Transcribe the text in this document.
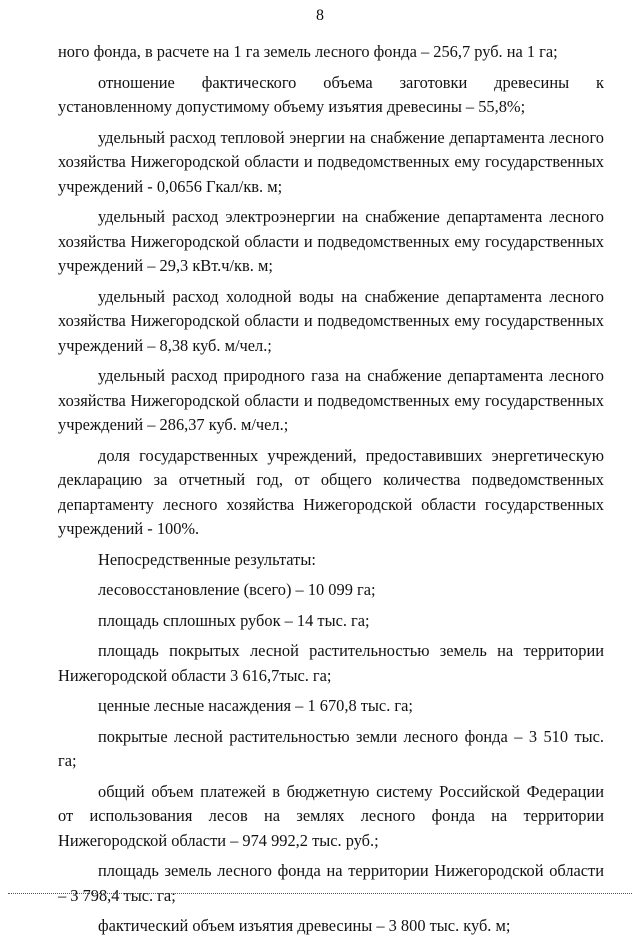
8

ного фонда, в расчете на 1 га земель лесного фонда – 256,7 руб. на 1 га;

отношение фактического объема заготовки древесины к установленному допустимому объему изъятия древесины – 55,8%;

удельный расход тепловой энергии на снабжение департамента лесного хозяйства Нижегородской области и подведомственных ему государственных учреждений - 0,0656 Гкал/кв. м;

удельный расход электроэнергии на снабжение департамента лесного хозяйства Нижегородской области и подведомственных ему государственных учреждений – 29,3 кВт.ч/кв. м;

удельный расход холодной воды на снабжение департамента лесного хозяйства Нижегородской области и подведомственных ему государственных учреждений – 8,38 куб. м/чел.;

удельный расход природного газа на снабжение департамента лесного хозяйства Нижегородской области и подведомственных ему государственных учреждений – 286,37 куб. м/чел.;

доля государственных учреждений, предоставивших энергетическую декларацию за отчетный год, от общего количества подведомственных департаменту лесного хозяйства Нижегородской области государственных учреждений - 100%.

Непосредственные результаты:

лесовосстановление (всего) – 10 099 га;

площадь сплошных рубок – 14 тыс. га;

площадь покрытых лесной растительностью земель на территории Нижегородской области 3 616,7тыс. га;

ценные лесные насаждения – 1 670,8 тыс. га;

покрытые лесной растительностью земли лесного фонда – 3 510 тыс. га;

общий объем платежей в бюджетную систему Российской Федерации от использования лесов на землях лесного фонда на территории Нижегородской области – 974 992,2 тыс. руб.;

площадь земель лесного фонда на территории Нижегородской области – 3 798,4 тыс. га;

фактический объем изъятия древесины – 3 800 тыс. куб. м;
